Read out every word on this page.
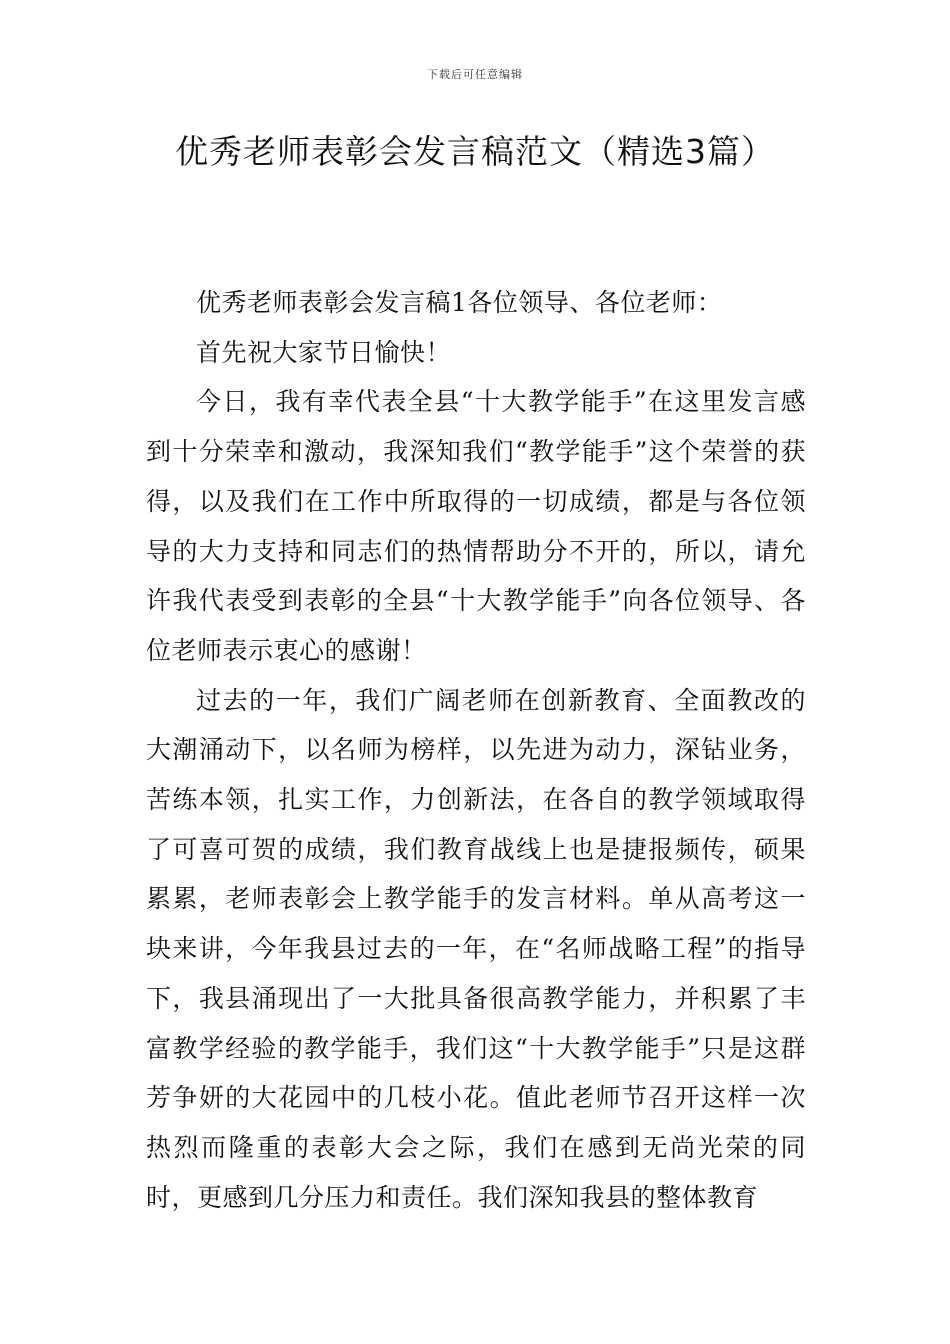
下载后可任意编辑
优秀老师表彰会发言稿范文（精选3篇）

优秀老师表彰会发言稿1各位领导、各位老师：

首先祝大家节日愉快！

今日，我有幸代表全县“十大教学能手”在这里发言感到十分荣幸和激动，我深知我们“教学能手”这个荣誉的获得，以及我们在工作中所取得的一切成绩，都是与各位领导的大力支持和同志们的热情帮助分不开的，所以，请允许我代表受到表彰的全县“十大教学能手”向各位领导、各位老师表示衷心的感谢！

过去的一年，我们广阔老师在创新教育、全面教改的大潮涌动下，以名师为榜样，以先进为动力，深钻业务，苦练本领，扎实工作，力创新法，在各自的教学领域取得了可喜可贺的成绩，我们教育战线上也是捷报频传，硕果累累，老师表彰会上教学能手的发言材料。单从高考这一块来讲，今年我县过去的一年，在“名师战略工程”的指导下，我县涌现出了一大批具备很高教学能力，并积累了丰富教学经验的教学能手，我们这“十大教学能手”只是这群芳争妍的大花园中的几枝小花。值此老师节召开这样一次热烈而隆重的表彰大会之际，我们在感到无尚光荣的同时，更感到几分压力和责任。我们深知我县的整体教育
